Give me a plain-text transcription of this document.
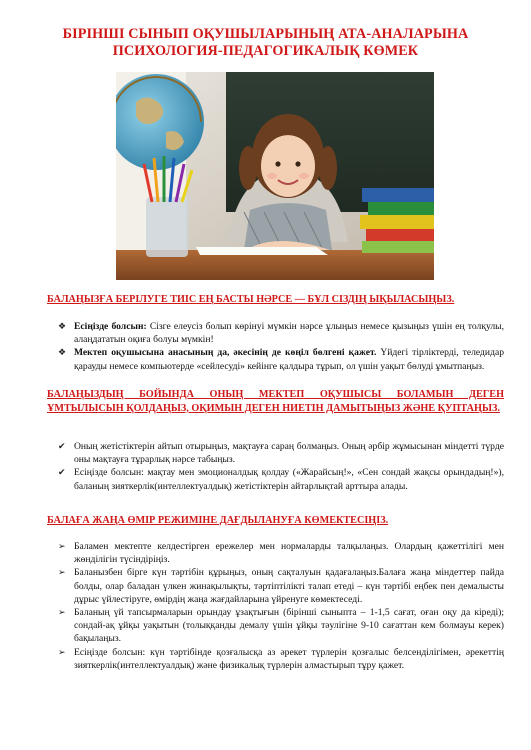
БІРІНШІ СЫНЫП ОҚУШЫЛАРЫНЫҢ АТА-АНАЛАРЫНА
ПСИХОЛОГИЯ-ПЕДАГОГИКАЛЫҚ КӨМЕК
БАЛАҢЫЗҒА БЕРІЛУГЕ ТИІС ЕҢ БАСТЫ НӘРСЕ — БҰЛ СІЗДІҢ ЫҚЫЛАСЫҢЫЗ.
❖ Есіңізде болсын: Сізге елеусіз болып көрінуі мүмкін нәрсе ұлыңыз немесе қызыңыз үшін ең толқулы, алаңдататын оқиға болуы мүмкін!
❖ Мектеп оқушысына анасының да, әкесінің де көңіл бөлгені қажет. Үйдегі тірліктерді, теледидар қарауды немесе компьютерде «сейлесуді» кейінге қалдыра тұрып, ол үшін уақыт бөлуді ұмытпаңыз.
БАЛАҢЫЗДЫҢ БОЙЫНДА ОНЫҢ МЕКТЕП ОҚУШЫСЫ БОЛАМЫН ДЕГЕН ҰМТЫЛЫСЫН ҚОЛДАҢЫЗ, ОҚИМЫН ДЕГЕН НИЕТІН ДАМЫТЫҢЫЗ ЖӘНЕ ҚУПТАҢЫЗ.
✔ Оның жетістіктерін айтып отырыңыз, мақтауға сараң болмаңыз. Оның әрбір жұмысынан міндетті түрде оны мақтауға тұрарлық нәрсе табыңыз.
✔ Есіңізде болсын: мақтау мен эмоционалдық қолдау («Жарайсың!», «Сен сондай жақсы орындадың!»), баланың зияткерлік(интеллектуалдық) жетістіктерін айтарлықтай арттыра алады.
БАЛАҒА ЖАҢА ӨМІР РЕЖИМІНЕ ДАҒДЫЛАНУҒА КӨМЕКТЕСІҢІЗ.
➢ Баламен мектепте келдестірген ережелер мен нормаларды талқылаңыз. Олардың қажеттілігі мен жөнділігін түсіндіріңіз.
➢ Баланызбен бірге күн тәртібін құрыңыз, оның сақталуын қадағалаңыз.Балаға жаңа міндеттер пайда болды, олар баладан үлкен жинақылықты, тәртіптілікті талап етеді – күн тәртібі еңбек пен демалысты дұрыс үйлестіруге, өмірдің жаңа жағдайларына үйренуге көмектеседі.
➢ Баланың үй тапсырмаларын орындау ұзақтығын (бірінші сыныпта – 1-1,5 сағат, оған оқу да кіреді); сондай-ақ ұйқы уақытын (толыққанды демалу үшін ұйқы тәулігіне 9-10 сағаттан кем болмауы керек) бақылаңыз.
➢ Есіңізде болсын: күн тәртібінде қозғалысқа аз әрекет түрлерін қозғалыс белсенділігімен, әрекеттің зияткерлік(интеллектуалдық) және физикалық түрлерін алмастырып тұру қажет.
